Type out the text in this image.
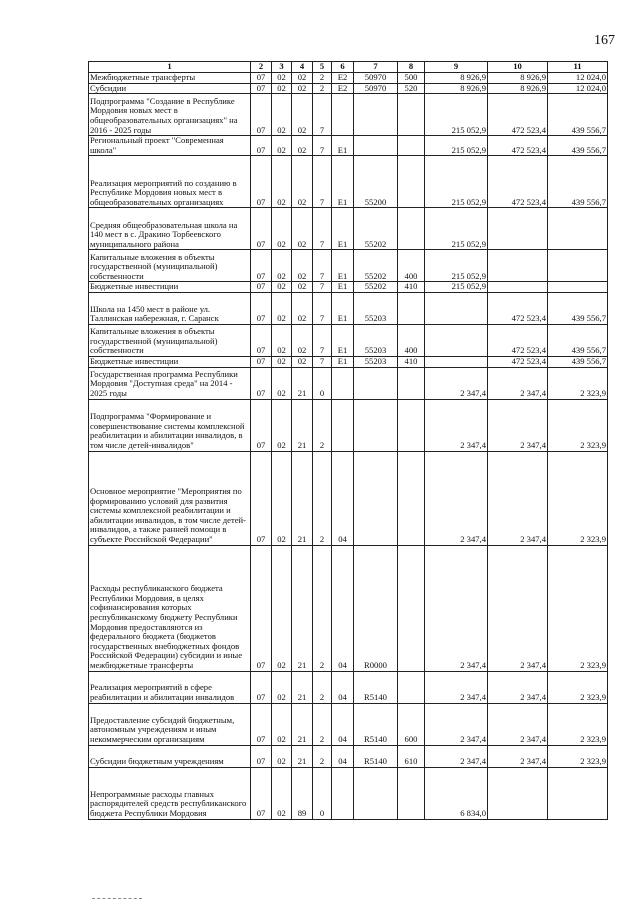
167
1	2	3	4	5	6	7	8	9	10	11
Межбюджетные трансферты	07	02	02	2	Е2	50970	500	8 926,9	8 926,9	12 024,0
Субсидии	07	02	02	2	Е2	50970	520	8 926,9	8 926,9	12 024,0
Подпрограмма "Создание в Республике Мордовия новых мест в общеобразовательных организациях" на 2016 - 2025 годы	07	02	02	7				215 052,9	472 523,4	439 556,7
Региональный проект "Современная школа"	07	02	02	7	Е1			215 052,9	472 523,4	439 556,7
Реализация мероприятий по созданию в Республике Мордовия новых мест в общеобразовательных организациях	07	02	02	7	Е1	55200		215 052,9	472 523,4	439 556,7
Средняя общеобразовательная школа на 140 мест в с. Дракино Торбеевского муниципального района	07	02	02	7	Е1	55202		215 052,9		
Капитальные вложения в объекты государственной (муниципальной) собственности	07	02	02	7	Е1	55202	400	215 052,9		
Бюджетные инвестиции	07	02	02	7	Е1	55202	410	215 052,9		
Школа на 1450 мест в районе ул. Таллинская набережная, г. Саранск	07	02	02	7	Е1	55203			472 523,4	439 556,7
Капитальные вложения в объекты государственной (муниципальной) собственности	07	02	02	7	Е1	55203	400		472 523,4	439 556,7
Бюджетные инвестиции	07	02	02	7	Е1	55203	410		472 523,4	439 556,7
Государственная программа Республики Мордовия "Доступная среда" на 2014 - 2025 годы	07	02	21	0				2 347,4	2 347,4	2 323,9
Подпрограмма "Формирование и совершенствование системы комплексной реабилитации и абилитации инвалидов, в том числе детей-инвалидов"	07	02	21	2				2 347,4	2 347,4	2 323,9
Основное мероприятие "Мероприятия по формированию условий для развития системы комплексной реабилитации и абилитации инвалидов, в том числе детей-инвалидов, а также ранней помощи в субъекте Российской Федерации"	07	02	21	2	04			2 347,4	2 347,4	2 323,9
Расходы республиканского бюджета Республики Мордовия, в целях софинансирования которых республиканскому бюджету Республики Мордовия предоставляются из федерального бюджета (бюджетов государственных внебюджетных фондов Российской Федерации) субсидии и иные межбюджетные трансферты	07	02	21	2	04	R0000		2 347,4	2 347,4	2 323,9
Реализация мероприятий в сфере реабилитации и абилитации инвалидов	07	02	21	2	04	R5140		2 347,4	2 347,4	2 323,9
Предоставление субсидий бюджетным, автономным учреждениям и иным некоммерческим организациям	07	02	21	2	04	R5140	600	2 347,4	2 347,4	2 323,9
Субсидии бюджетным учреждениям	07	02	21	2	04	R5140	610	2 347,4	2 347,4	2 323,9
Непрограммные расходы главных распорядителей средств республиканского бюджета Республики Мордовия	07	02	89	0				6 834,0		
